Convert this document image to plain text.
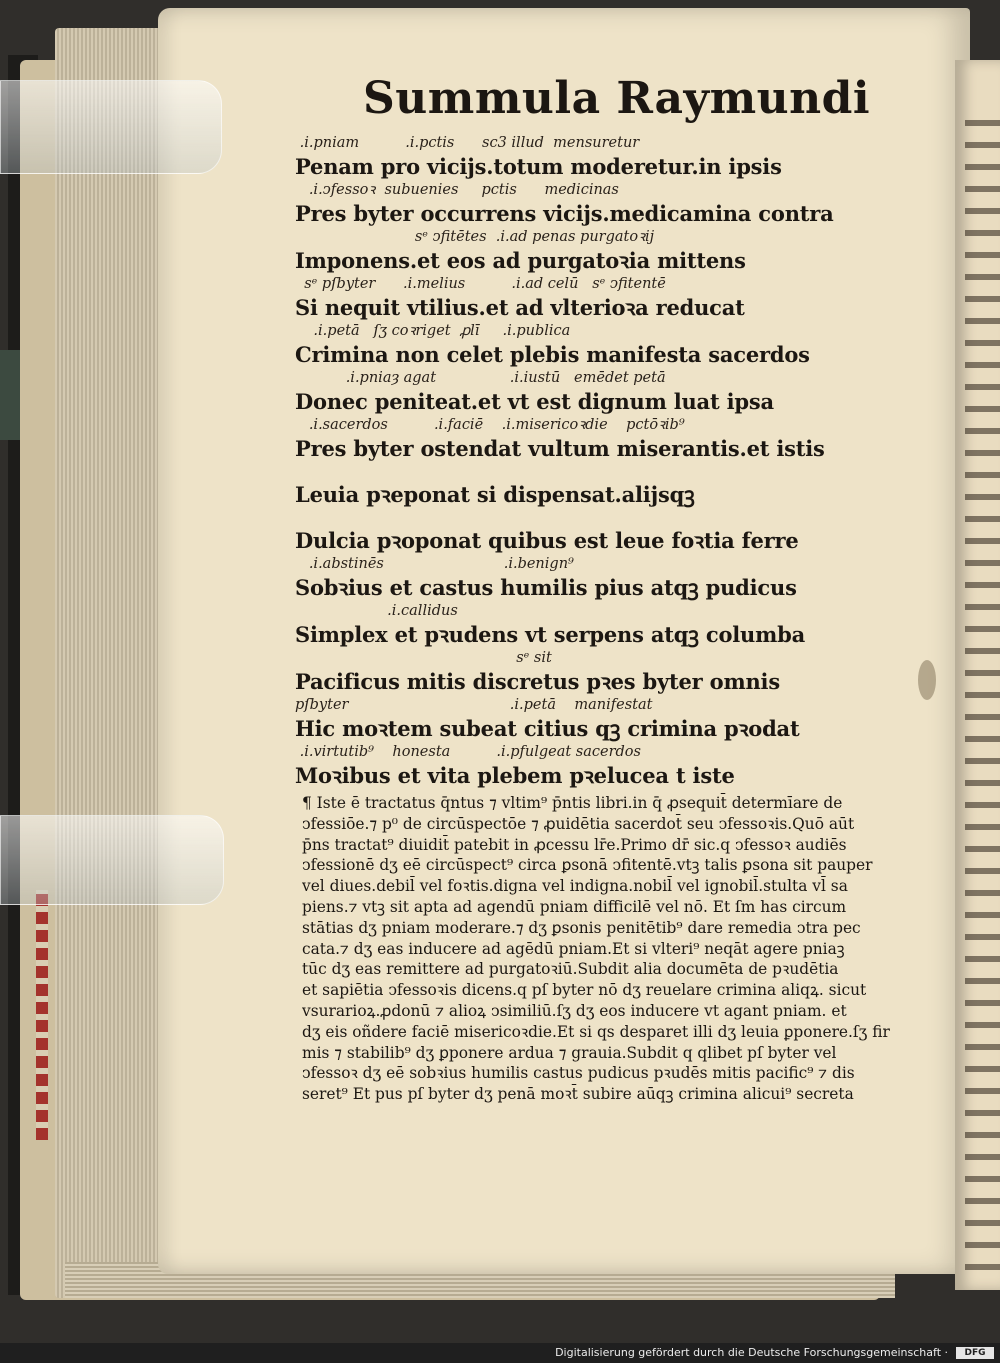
Summula Raymundi
.i.pniam          .i.pctis      sc3 illud  mensuretur
Penam pro vicijs.totum moderetur.in ipsis
.i.ↄfessoꝛ  subuenies     pctis      medicinas
Pres byter occurrens vicijs.medicamina contra
sᵉ ↄfitētes  .i.ad penas purgatoꝛij
Imponens.et eos ad purgatoꝛia mittens
sᵉ pſbyter      .i.melius          .i.ad celū   sᵉ ↄfitentē
Si nequit vtilius.et ad vlterioꝛa reducat
.i.petā   ſʒ coꝛriget  ꝓlī     .i.publica
Crimina non celet plebis manifesta sacerdos
.i.pniaȝ agat                .i.iustū   emēdet petā
Donec peniteat.et vt est dignum luat ipsa
.i.sacerdos          .i.faciē    .i.misericoꝛdie    pctōꝛib⁹
Pres byter ostendat vultum miserantis.et istis
Leuia pꝛeponat si dispensat.alijsqꝫ
Dulcia pꝛoponat quibus est leue foꝛtia ferre
.i.abstinēs                          .i.benign⁹
Sobꝛius et castus humilis pius atqꝫ pudicus
.i.callidus
Simplex et pꝛudens vt serpens atqꝫ columba
sᵉ sit
Pacificus mitis discretus pꝛes byter omnis
pſbyter                                   .i.petā    manifestat
Hic moꝛtem subeat citius qꝫ crimina pꝛodat
.i.virtutib⁹    honesta          .i.pfulgeat sacerdos
Moꝛibus et vita plebem pꝛelucea t iste
¶ Iste ē tractatus q̄ntus ⁊ vltim⁹ p̄ntis libri.in q̄ ꝓsequit̄ determīare de
ↄfessiōe.⁊ p⁰ de circūspectōe ⁊ ꝓuidētia sacerdot̄ seu ↄfessoꝛis.Quō aūt
p̄ns tractat⁹ diuidit̄ patebit in ꝓcessu lr̄e.Primo dr̄ sic.q ↄfessoꝛ audiēs
ↄfessionē dʒ eē circūspect⁹ circa ꝑsonā ↄfitentē.vtꝫ talis ꝑsona sit pauper
vel diues.debil̄ vel foꝛtis.digna vel indigna.nobil̄ vel ignobil̄.stulta vl̄ sa
piens.⁊ vtꝫ sit apta ad agendū pniam difficilē vel nō. Et ſm has circum
stātias dʒ pniam moderare.⁊ dʒ ꝑsonis penitētib⁹ dare remedia ↄtra pec
cata.⁊ dʒ eas inducere ad agēdū pniam.Et si vlteri⁹ neqāt agere pniaꝫ
tūc dʒ eas remittere ad purgatoꝛiū.Subdit alia documēta de pꝛudētia
et sapiētia ↄfessoꝛis dicens.q pſ byter nō dʒ reuelare crimina aliqꝝ. sicut
vsurarioꝝ.ꝓdonū ⁊ alioꝝ ↄsimiliū.ſʒ dʒ eos inducere vt agant pniam. et
dʒ eis oñdere faciē misericoꝛdie.Et si qs desparet illi dʒ leuia ꝑponere.ſʒ fir
mis ⁊ stabilib⁹ dʒ ꝑponere ardua ⁊ grauia.Subdit q qlibet pſ byter vel
ↄfessoꝛ dʒ eē sobꝛius humilis castus pudicus pꝛudēs mitis pacific⁹ ⁊ dis
seret⁹ Et pus pſ byter dʒ penā moꝛt̄ subire aūqꝫ crimina alicui⁹ secreta
Digitalisierung gefördert durch die Deutsche Forschungsgemeinschaft ·	DFG
